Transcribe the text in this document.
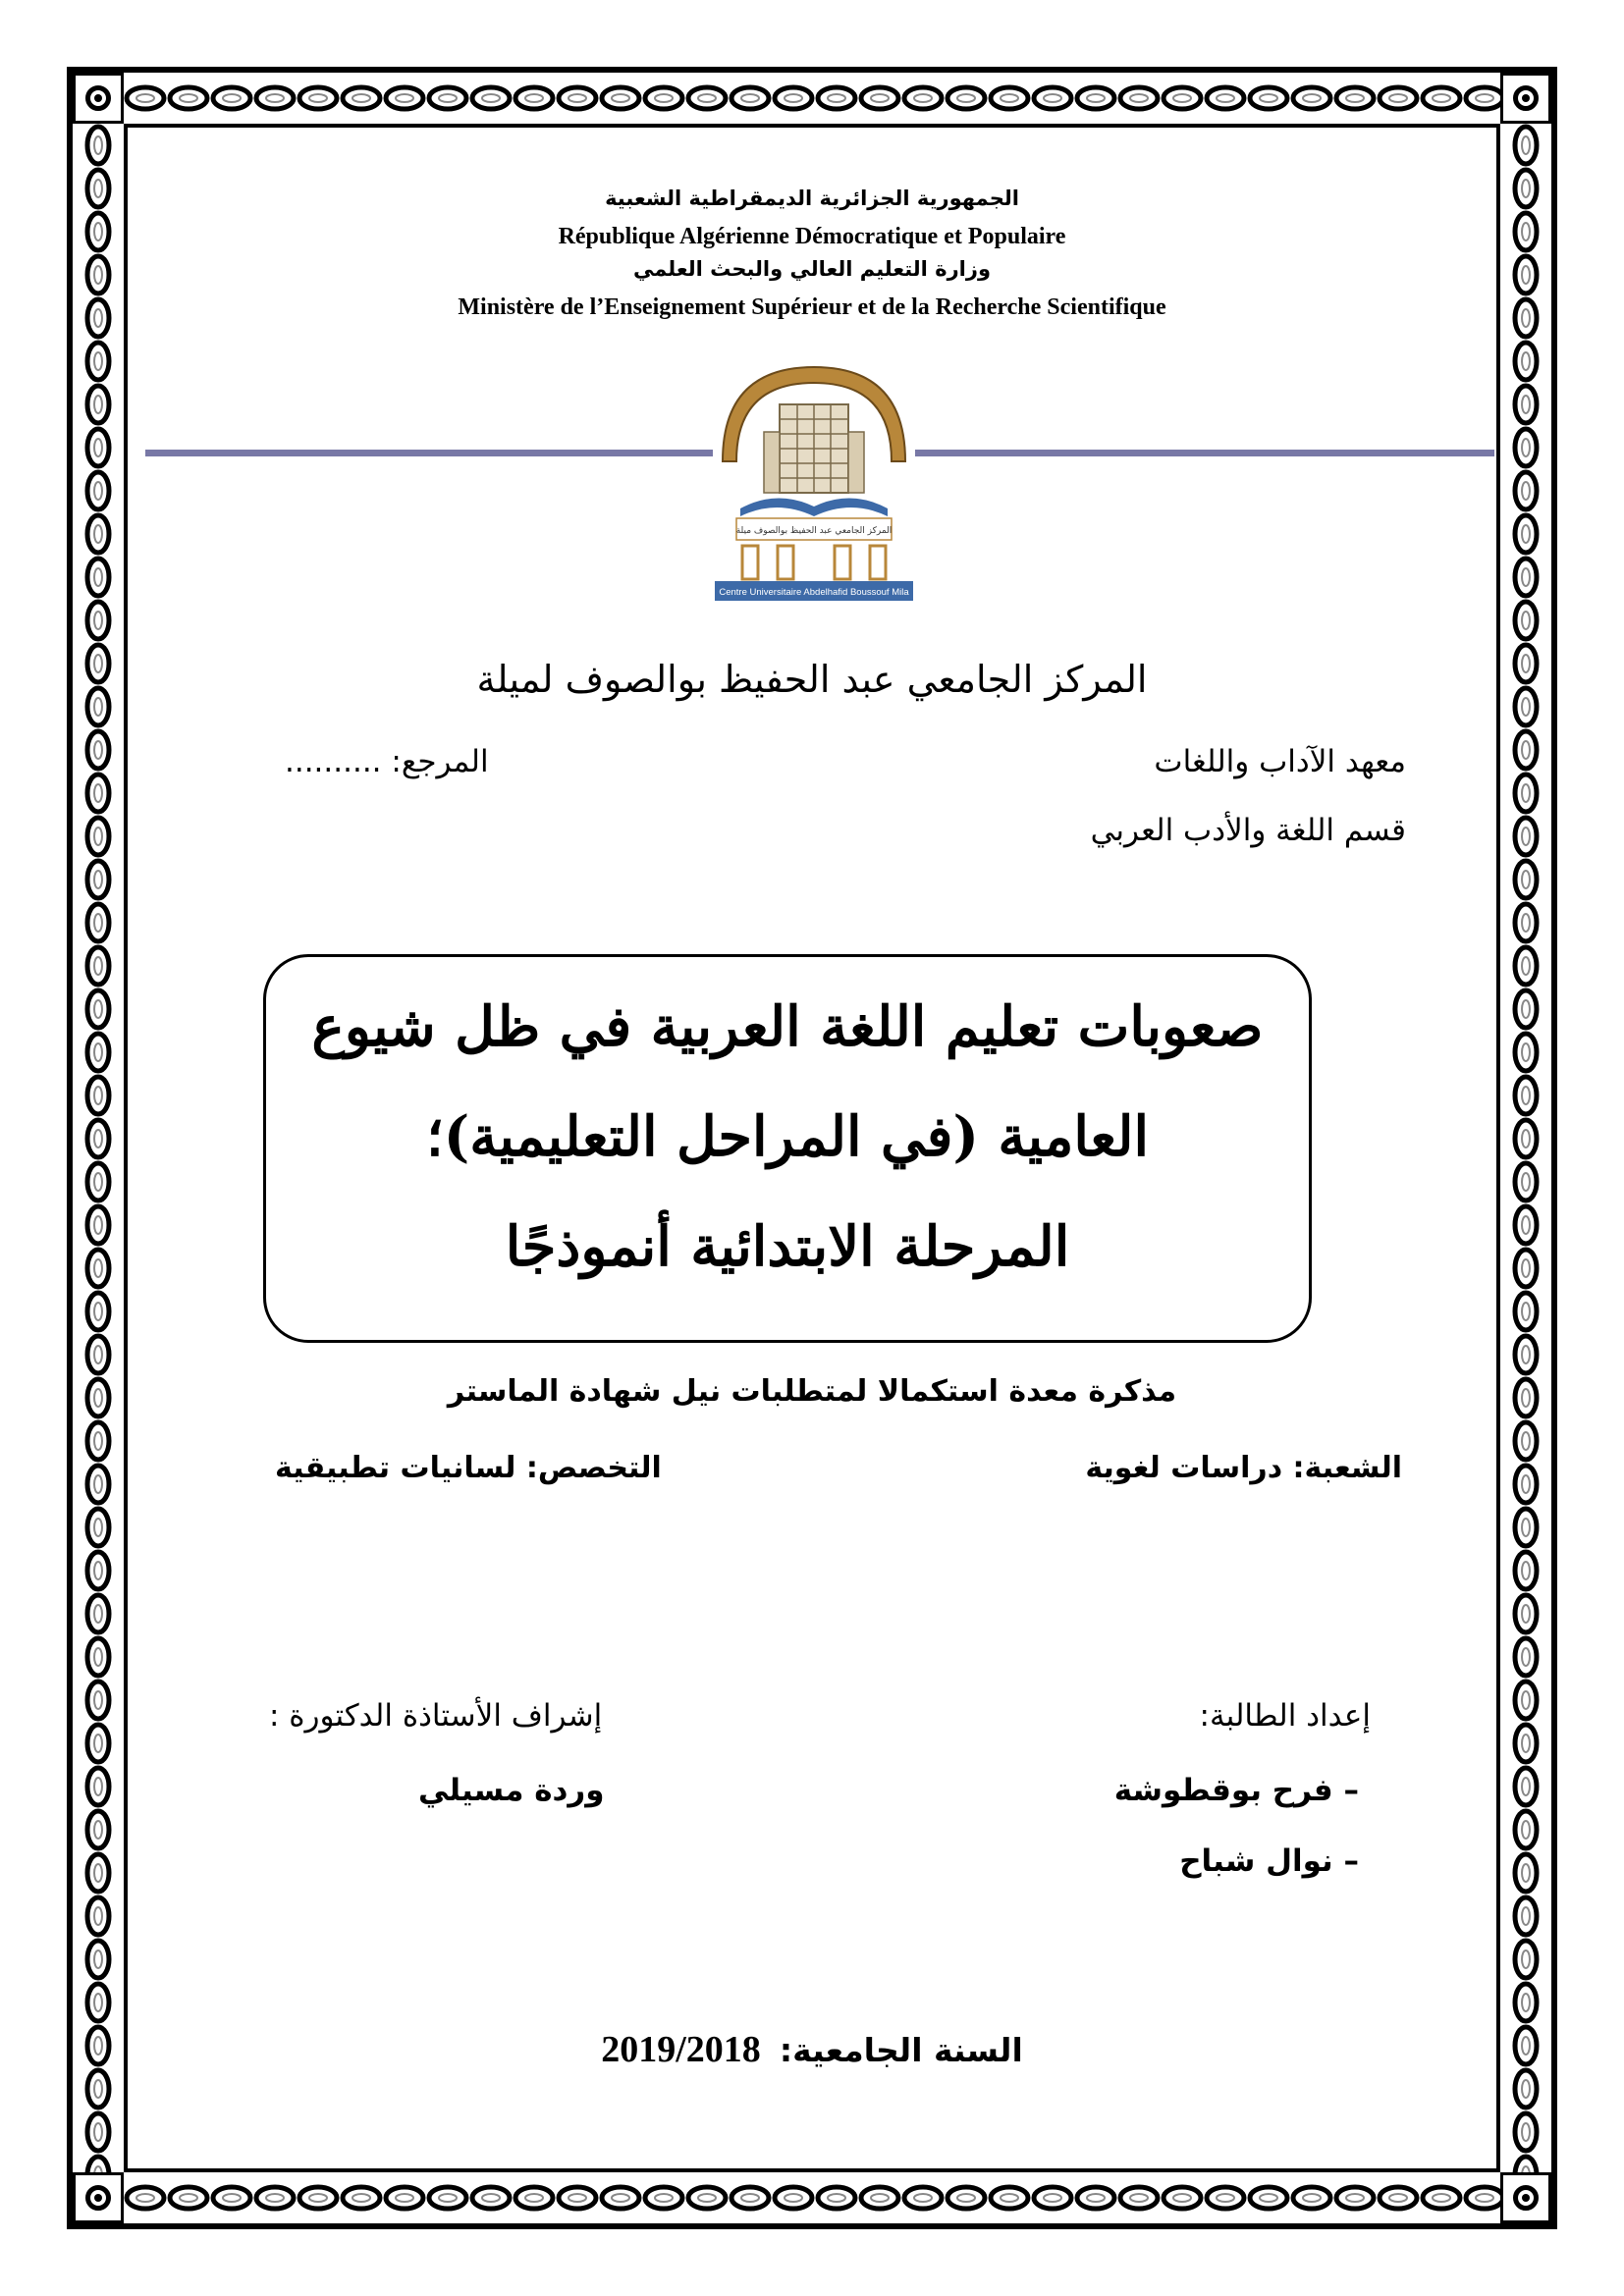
الجمهورية الجزائرية الديمقراطية الشعبية
République Algérienne Démocratique et Populaire
وزارة التعليم العالي والبحث العلمي
Ministère de l’Enseignement Supérieur et de la Recherche Scientifique
المركز الجامعي عبد الحفيظ بوالصوف ميلة
Centre Universitaire Abdelhafid Boussouf Mila
المركز الجامعي عبد الحفيظ بوالصوف لميلة
معهد الآداب واللغات
المرجع: ..........
قسم اللغة والأدب العربي
صعوبات تعليم اللغة العربية في ظل شيوع
العامية (في المراحل التعليمية)؛
المرحلة الابتدائية أنموذجًا
مذكرة معدة استكمالا لمتطلبات نيل شهادة الماستر
الشعبة: دراسات لغوية
التخصص: لسانيات تطبيقية
إعداد الطالبة:
إشراف الأستاذة الدكتورة :
– فرح بوقطوشة
– نوال شباح
وردة مسيلي
2019/2018 السنة الجامعية:
